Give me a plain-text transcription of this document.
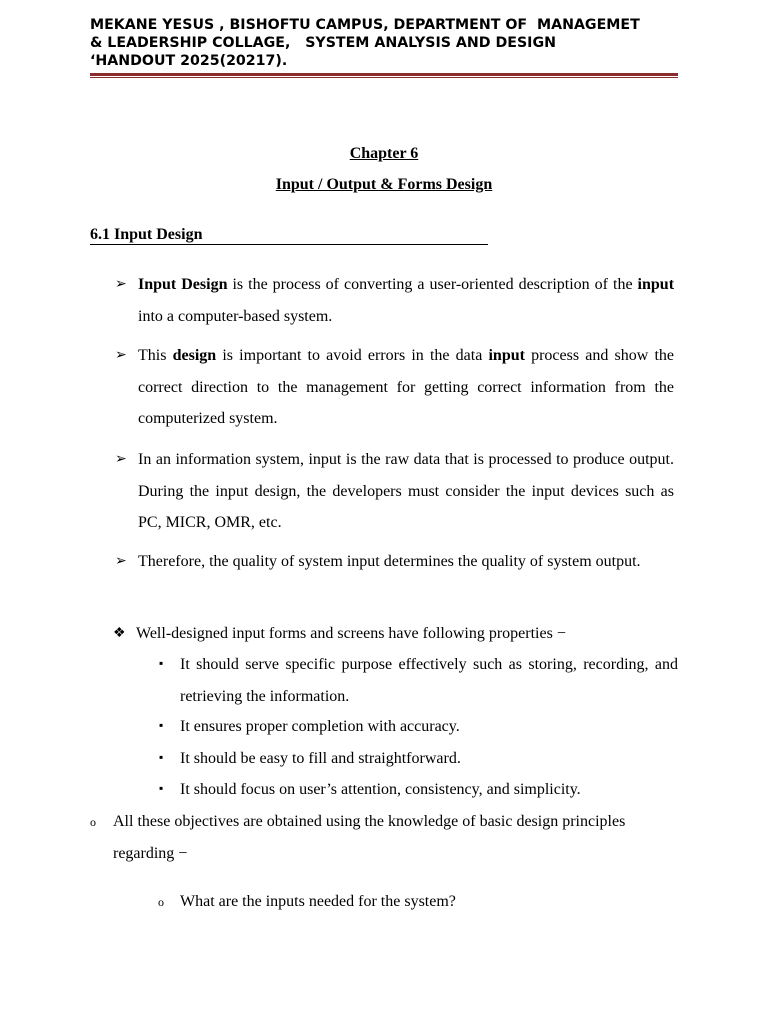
MEKANE YESUS , BISHOFTU CAMPUS, DEPARTMENT OF  MANAGEMET
& LEADERSHIP COLLAGE,   SYSTEM ANALYSIS AND DESIGN
‘HANDOUT 2025(20217).
Chapter 6
Input / Output & Forms Design
6.1 Input Design
➢ Input Design is the process of converting a user-oriented description of the input into a computer-based system.
➢ This design is important to avoid errors in the data input process and show the correct direction to the management for getting correct information from the computerized system.
➢ In an information system, input is the raw data that is processed to produce output. During the input design, the developers must consider the input devices such as PC, MICR, OMR, etc.
➢ Therefore, the quality of system input determines the quality of system output.
❖ Well-designed input forms and screens have following properties −
▪ It should serve specific purpose effectively such as storing, recording, and retrieving the information.
▪ It ensures proper completion with accuracy.
▪ It should be easy to fill and straightforward.
▪ It should focus on user’s attention, consistency, and simplicity.
o All these objectives are obtained using the knowledge of basic design principles regarding −
o What are the inputs needed for the system?
